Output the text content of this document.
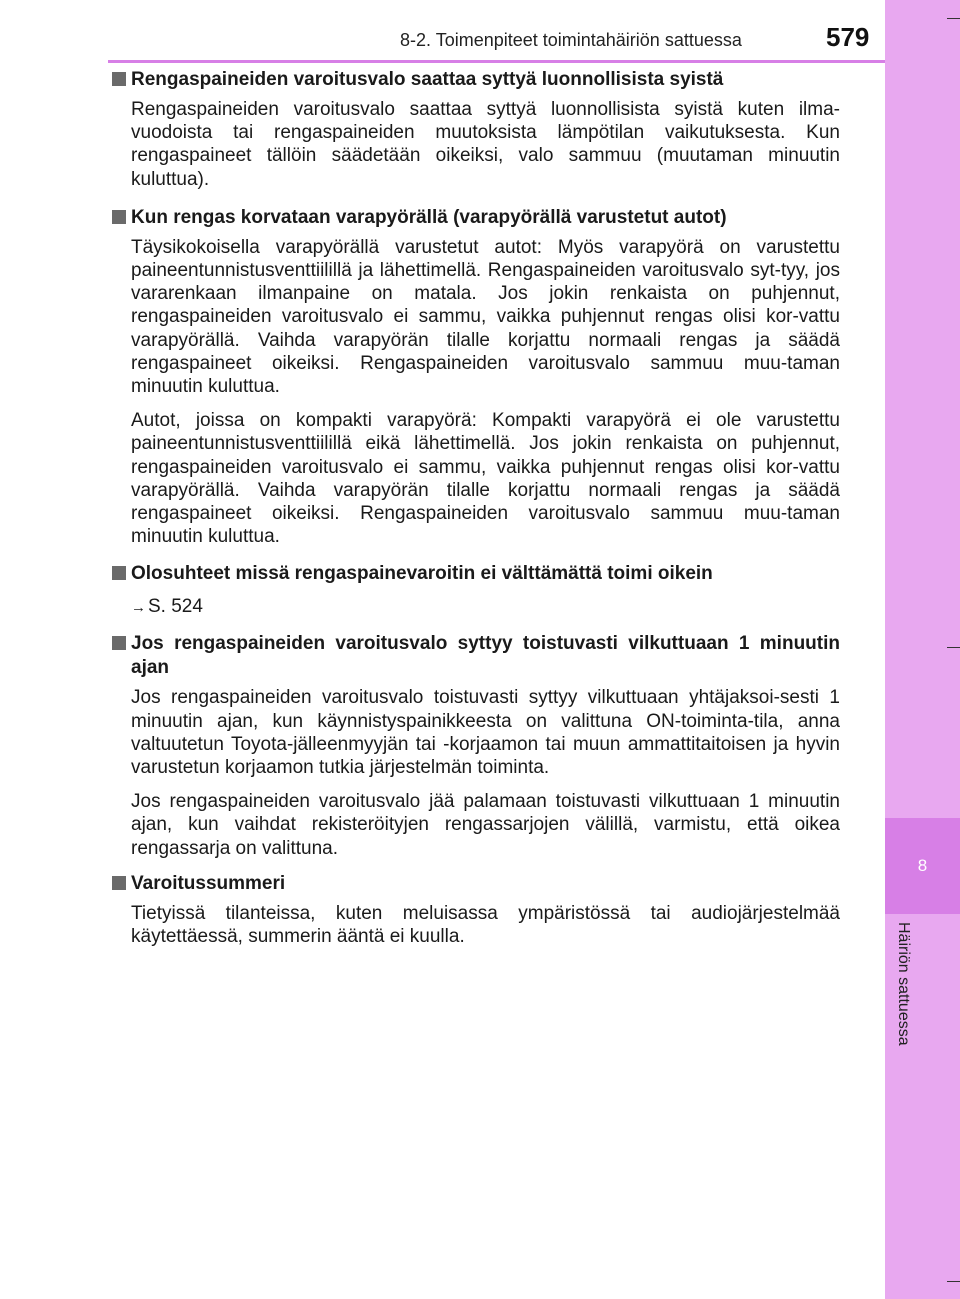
8
Häiriön sattuessa
8-2. Toimenpiteet toimintahäiriön sattuessa	579
Rengaspaineiden varoitusvalo saattaa syttyä luonnollisista syistä

Rengaspaineiden varoitusvalo saattaa syttyä luonnollisista syistä kuten ilma-vuodoista tai rengaspaineiden muutoksista lämpötilan vaikutuksesta. Kun rengaspaineet tällöin säädetään oikeiksi, valo sammuu (muutaman minuutin kuluttua).

Kun rengas korvataan varapyörällä (varapyörällä varustetut autot)

Täysikokoisella varapyörällä varustetut autot: Myös varapyörä on varustettu paineentunnistusventtiilillä ja lähettimellä. Rengaspaineiden varoitusvalo syt-tyy, jos vararenkaan ilmanpaine on matala. Jos jokin renkaista on puhjennut, rengaspaineiden varoitusvalo ei sammu, vaikka puhjennut rengas olisi kor-vattu varapyörällä. Vaihda varapyörän tilalle korjattu normaali rengas ja säädä rengaspaineet oikeiksi. Rengaspaineiden varoitusvalo sammuu muu-taman minuutin kuluttua.

Autot, joissa on kompakti varapyörä: Kompakti varapyörä ei ole varustettu paineentunnistusventtiilillä eikä lähettimellä. Jos jokin renkaista on puhjennut, rengaspaineiden varoitusvalo ei sammu, vaikka puhjennut rengas olisi kor-vattu varapyörällä. Vaihda varapyörän tilalle korjattu normaali rengas ja säädä rengaspaineet oikeiksi. Rengaspaineiden varoitusvalo sammuu muu-taman minuutin kuluttua.

Olosuhteet missä rengaspainevaroitin ei välttämättä toimi oikein
→ S. 524
Jos rengaspaineiden varoitusvalo syttyy toistuvasti vilkuttuaan 1 minuutin ajan

Jos rengaspaineiden varoitusvalo toistuvasti syttyy vilkuttuaan yhtäjaksoi-sesti 1 minuutin ajan, kun käynnistyspainikkeesta on valittuna ON-toiminta-tila, anna valtuutetun Toyota-jälleenmyyjän tai -korjaamon tai muun ammattitaitoisen ja hyvin varustetun korjaamon tutkia järjestelmän toiminta.

Jos rengaspaineiden varoitusvalo jää palamaan toistuvasti vilkuttuaan 1 minuutin ajan, kun vaihdat rekisteröityjen rengassarjojen välillä, varmistu, että oikea rengassarja on valittuna.

Varoitussummeri

Tietyissä tilanteissa, kuten meluisassa ympäristössä tai audiojärjestelmää käytettäessä, summerin ääntä ei kuulla.
